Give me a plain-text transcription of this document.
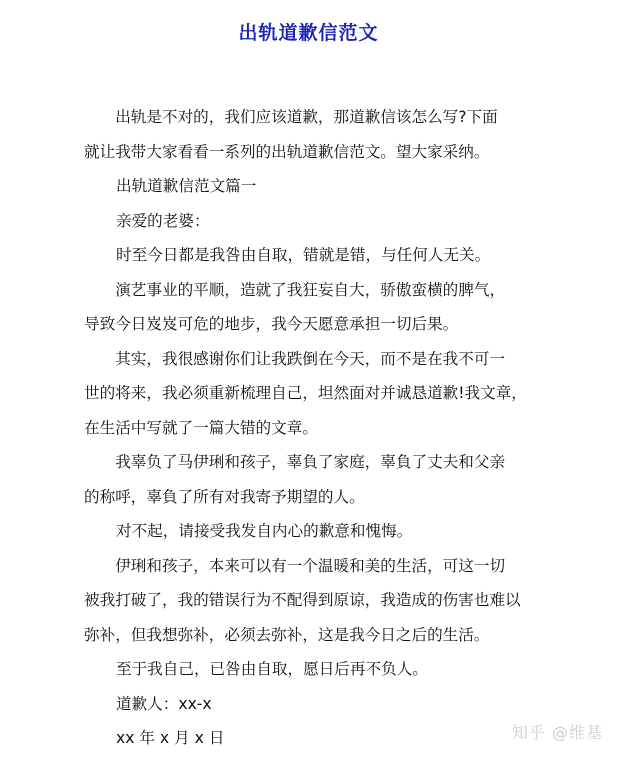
出轨道歉信范文

出轨是不对的，我们应该道歉，那道歉信该怎么写?下面
就让我带大家看看一系列的出轨道歉信范文。望大家采纳。

出轨道歉信范文篇一

亲爱的老婆：

时至今日都是我咎由自取，错就是错，与任何人无关。

演艺事业的平顺，造就了我狂妄自大，骄傲蛮横的脾气，
导致今日岌岌可危的地步，我今天愿意承担一切后果。

其实，我很感谢你们让我跌倒在今天，而不是在我不可一
世的将来，我必须重新梳理自己，坦然面对并诚恳道歉!我文章，
在生活中写就了一篇大错的文章。

我辜负了马伊琍和孩子，辜負了家庭，辜負了丈夫和父亲
的称呼，辜負了所有对我寄予期望的人。

对不起，请接受我发自内心的歉意和愧悔。

伊琍和孩子，本来可以有一个温暖和美的生活，可这一切
被我打破了，我的错误行为不配得到原谅，我造成的伤害也难以
弥补，但我想弥补，必须去弥补，这是我今日之后的生活。

至于我自己，已咎由自取，愿日后再不负人。

道歉人：xx-x

xx 年 x 月 x 日	知乎 @维基
